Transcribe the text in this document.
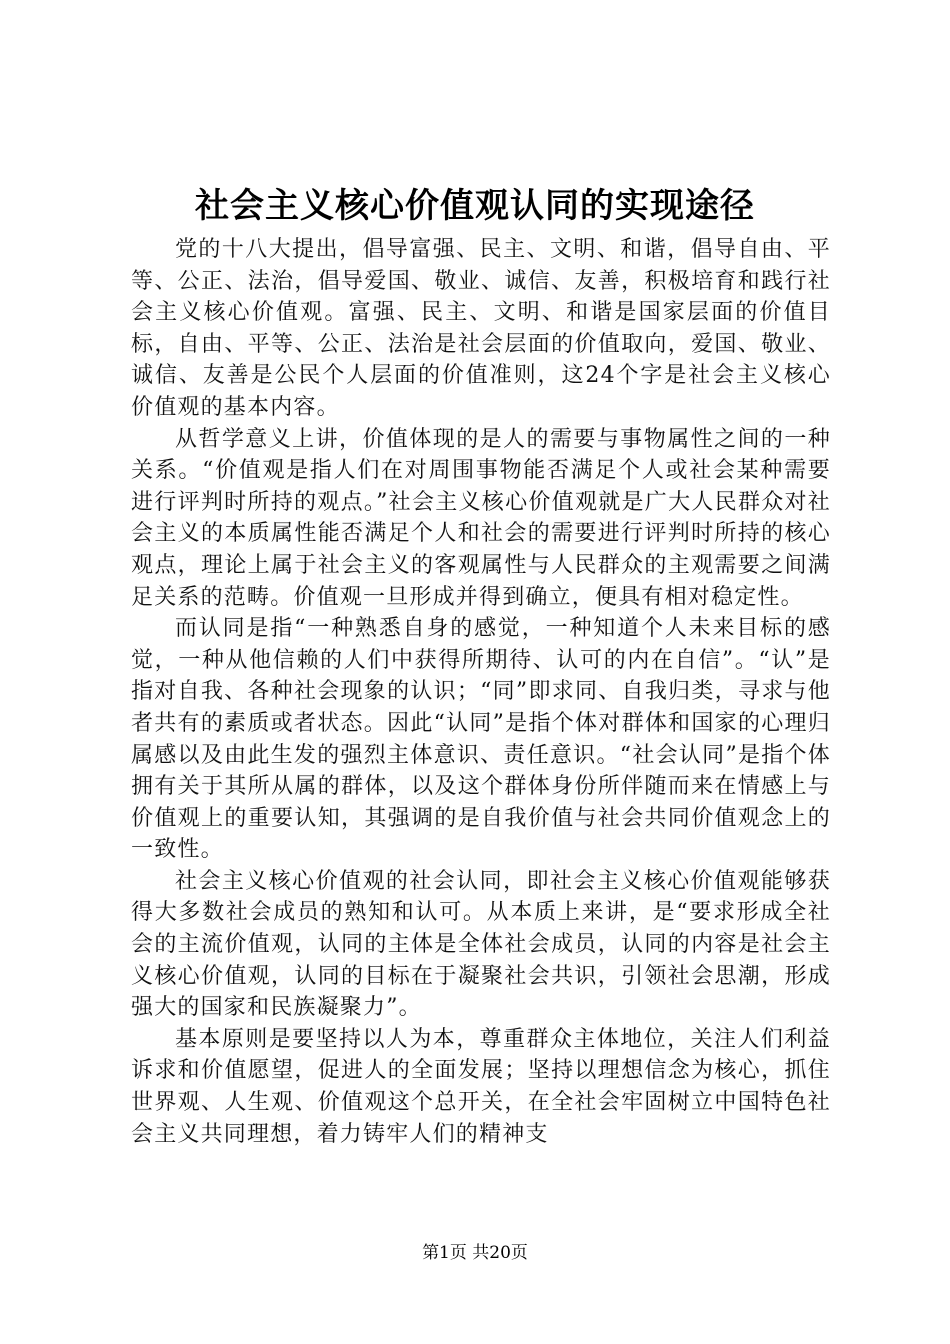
社会主义核心价值观认同的实现途径

党的十八大提出，倡导富强、民主、文明、和谐，倡导自由、平等、公正、法治，倡导爱国、敬业、诚信、友善，积极培育和践行社会主义核心价值观。富强、民主、文明、和谐是国家层面的价值目标，自由、平等、公正、法治是社会层面的价值取向，爱国、敬业、诚信、友善是公民个人层面的价值准则，这24个字是社会主义核心价值观的基本内容。

从哲学意义上讲，价值体现的是人的需要与事物属性之间的一种关系。“价值观是指人们在对周围事物能否满足个人或社会某种需要进行评判时所持的观点。”社会主义核心价值观就是广大人民群众对社会主义的本质属性能否满足个人和社会的需要进行评判时所持的核心观点，理论上属于社会主义的客观属性与人民群众的主观需要之间满足关系的范畴。价值观一旦形成并得到确立，便具有相对稳定性。

而认同是指“一种熟悉自身的感觉，一种知道个人未来目标的感觉，一种从他信赖的人们中获得所期待、认可的内在自信”。“认”是指对自我、各种社会现象的认识；“同”即求同、自我归类，寻求与他者共有的素质或者状态。因此“认同”是指个体对群体和国家的心理归属感以及由此生发的强烈主体意识、责任意识。“社会认同”是指个体拥有关于其所从属的群体，以及这个群体身份所伴随而来在情感上与价值观上的重要认知，其强调的是自我价值与社会共同价值观念上的一致性。

社会主义核心价值观的社会认同，即社会主义核心价值观能够获得大多数社会成员的熟知和认可。从本质上来讲，是“要求形成全社会的主流价值观，认同的主体是全体社会成员，认同的内容是社会主义核心价值观，认同的目标在于凝聚社会共识，引领社会思潮，形成强大的国家和民族凝聚力”。

基本原则是要坚持以人为本，尊重群众主体地位，关注人们利益诉求和价值愿望，促进人的全面发展；坚持以理想信念为核心，抓住世界观、人生观、价值观这个总开关，在全社会牢固树立中国特色社会主义共同理想，着力铸牢人们的精神支

第1页 共20页
